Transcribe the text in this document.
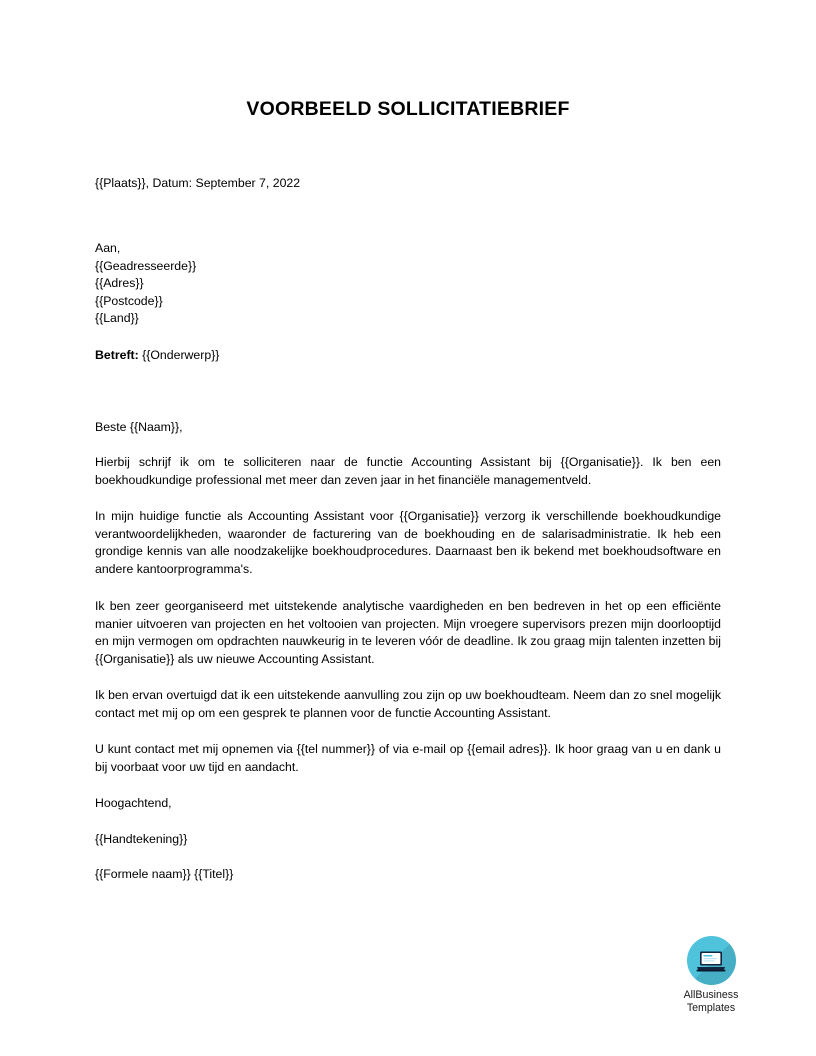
VOORBEELD SOLLICITATIEBRIEF
{{Plaats}}, Datum: September 7, 2022
Aan,
{{Geadresseerde}}
{{Adres}}
{{Postcode}}
{{Land}}
Betreft: {{Onderwerp}}
Beste {{Naam}},
Hierbij schrijf ik om te solliciteren naar de functie Accounting Assistant bij {{Organisatie}}. Ik ben een boekhoudkundige professional met meer dan zeven jaar in het financiële managementveld.
In mijn huidige functie als Accounting Assistant voor {{Organisatie}} verzorg ik verschillende boekhoudkundige verantwoordelijkheden, waaronder de facturering van de boekhouding en de salarisadministratie. Ik heb een grondige kennis van alle noodzakelijke boekhoudprocedures. Daarnaast ben ik bekend met boekhoudsoftware en andere kantoorprogramma's.
Ik ben zeer georganiseerd met uitstekende analytische vaardigheden en ben bedreven in het op een efficiënte manier uitvoeren van projecten en het voltooien van projecten. Mijn vroegere supervisors prezen mijn doorlooptijd en mijn vermogen om opdrachten nauwkeurig in te leveren vóór de deadline. Ik zou graag mijn talenten inzetten bij {{Organisatie}} als uw nieuwe Accounting Assistant.
Ik ben ervan overtuigd dat ik een uitstekende aanvulling zou zijn op uw boekhoudteam. Neem dan zo snel mogelijk contact met mij op om een gesprek te plannen voor de functie Accounting Assistant.
U kunt contact met mij opnemen via {{tel nummer}} of via e-mail op {{email adres}}. Ik hoor graag van u en dank u bij voorbaat voor uw tijd en aandacht.
Hoogachtend,
{{Handtekening}}
{{Formele naam}} {{Titel}}
AllBusiness
Templates
